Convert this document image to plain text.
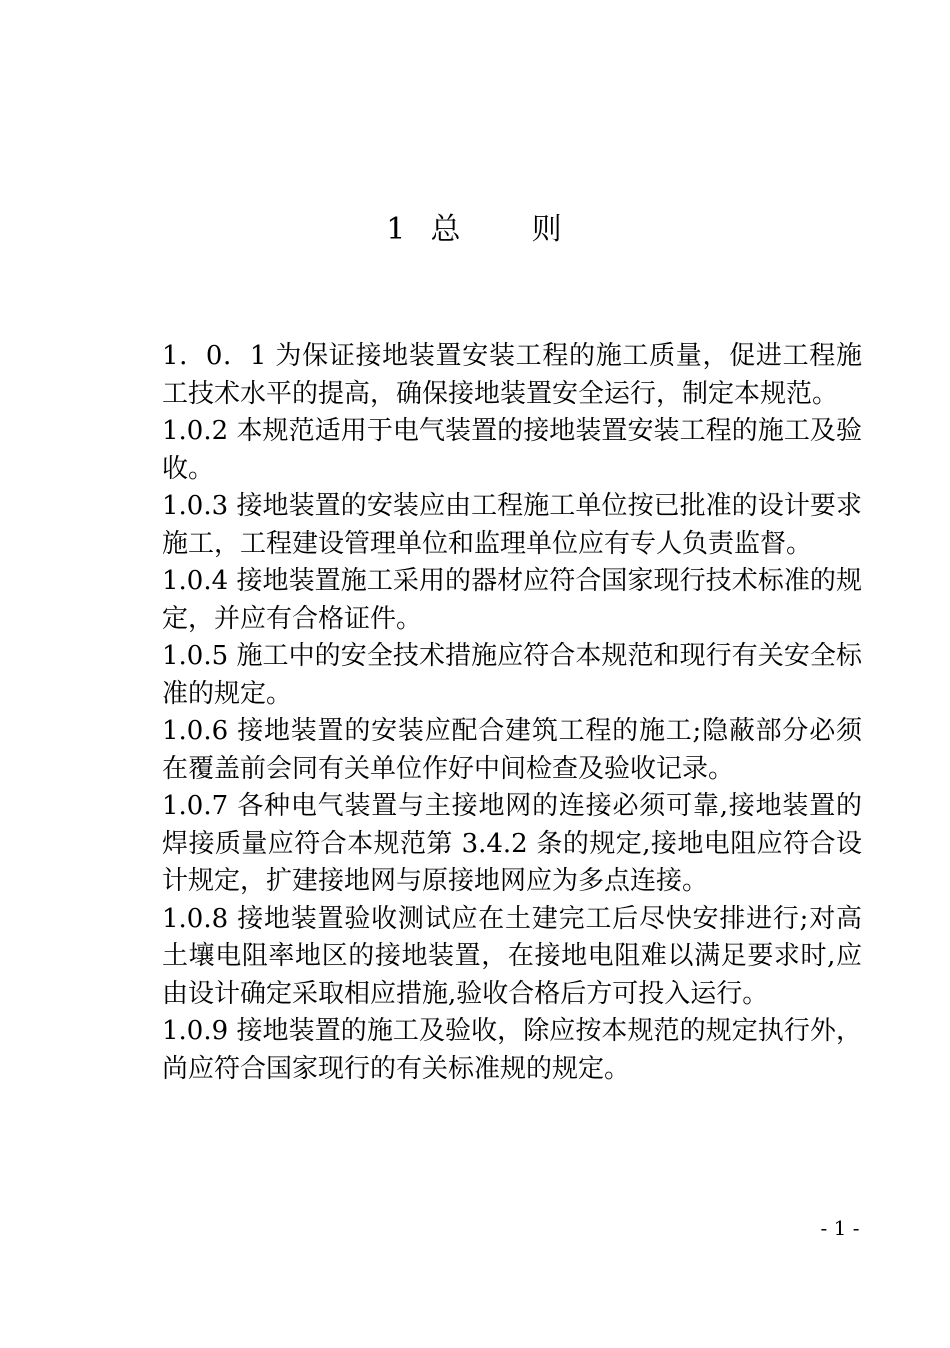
1  总      则

1．0．1 为保证接地装置安装工程的施工质量，促进工程施工技术水平的提高，确保接地装置安全运行，制定本规范。

1.0.2 本规范适用于电气装置的接地装置安装工程的施工及验收。

1.0.3 接地装置的安装应由工程施工单位按已批准的设计要求施工，工程建设管理单位和监理单位应有专人负责监督。

1.0.4 接地装置施工采用的器材应符合国家现行技术标准的规定，并应有合格证件。

1.0.5 施工中的安全技术措施应符合本规范和现行有关安全标准的规定。

1.0.6 接地装置的安装应配合建筑工程的施工;隐蔽部分必须在覆盖前会同有关单位作好中间检查及验收记录。

1.0.7 各种电气装置与主接地网的连接必须可靠,接地装置的焊接质量应符合本规范第 3.4.2 条的规定,接地电阻应符合设计规定，扩建接地网与原接地网应为多点连接。

1.0.8 接地装置验收测试应在土建完工后尽快安排进行;对高土壤电阻率地区的接地装置，在接地电阻难以满足要求时,应由设计确定采取相应措施,验收合格后方可投入运行。

1.0.9 接地装置的施工及验收，除应按本规范的规定执行外，尚应符合国家现行的有关标准规的规定。

- 1 -
